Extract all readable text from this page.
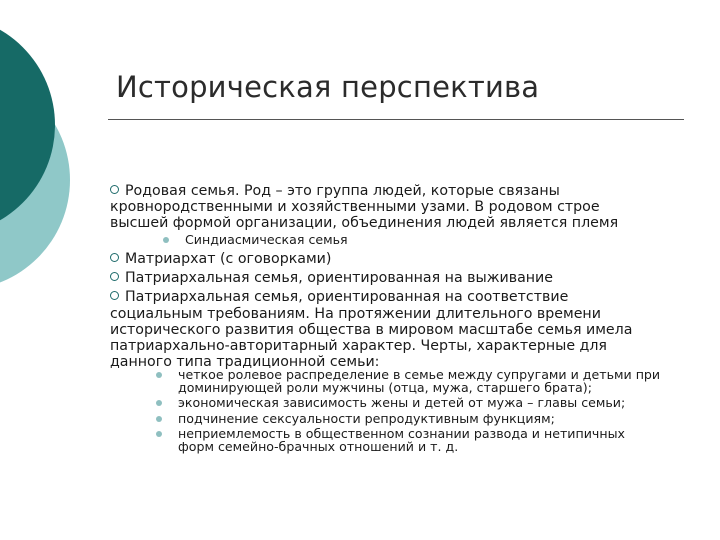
Историческая перспектива
Родовая семья. Род – это группа людей, которые связаны
кровнородственными и хозяйственными узами. В родовом строе
высшей формой организации, объединения людей является племя
Синдиасмическая семья
Матриархат (с оговорками)
Патриархальная семья, ориентированная на выживание
Патриархальная семья, ориентированная на соответствие
социальным требованиям. На протяжении длительного времени
исторического развития общества в мировом масштабе семья имела
патриархально-авторитарный характер. Черты, характерные для
данного типа традиционной семьи:
четкое ролевое распределение в семье между супругами и детьми при
доминирующей роли мужчины (отца, мужа, старшего брата);
экономическая зависимость жены и детей от мужа – главы семьи;
подчинение сексуальности репродуктивным функциям;
неприемлемость в общественном сознании развода и нетипичных
форм семейно-брачных отношений и т. д.
